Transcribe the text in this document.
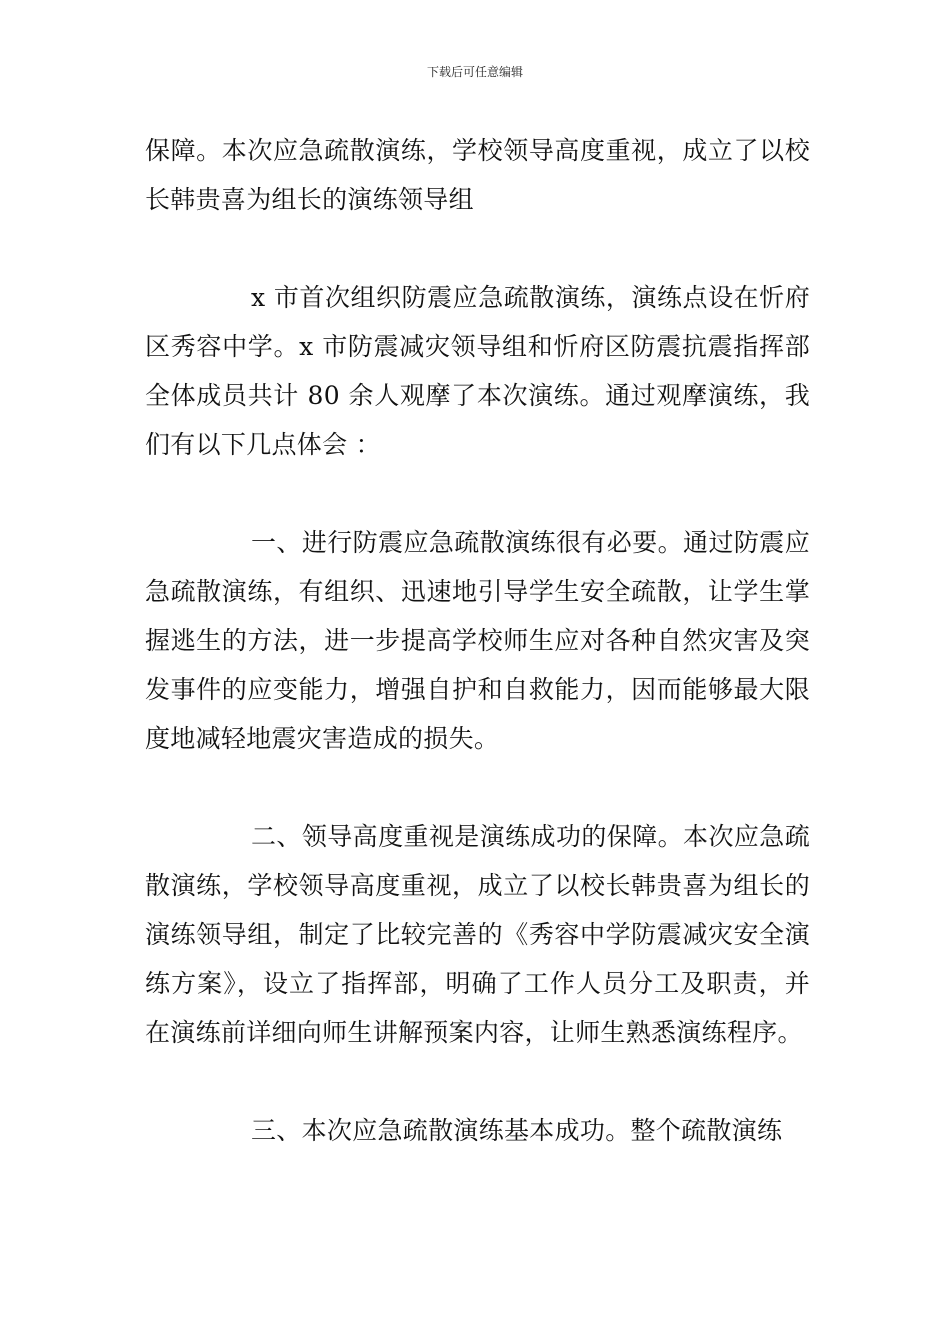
下载后可任意编辑

保障。本次应急疏散演练，学校领导高度重视，成立了以校长韩贵喜为组长的演练领导组

x 市首次组织防震应急疏散演练，演练点设在忻府区秀容中学。x 市防震减灾领导组和忻府区防震抗震指挥部全体成员共计 80 余人观摩了本次演练。通过观摩演练，我们有以下几点体会 ：

一、进行防震应急疏散演练很有必要。通过防震应急疏散演练，有组织、迅速地引导学生安全疏散，让学生掌握逃生的方法，进一步提高学校师生应对各种自然灾害及突发事件的应变能力，增强自护和自救能力，因而能够最大限度地减轻地震灾害造成的损失。

二、领导高度重视是演练成功的保障。本次应急疏散演练，学校领导高度重视，成立了以校长韩贵喜为组长的演练领导组，制定了比较完善的《秀容中学防震减灾安全演练方案》，设立了指挥部，明确了工作人员分工及职责，并在演练前详细向师生讲解预案内容，让师生熟悉演练程序。

三、本次应急疏散演练基本成功。整个疏散演练
